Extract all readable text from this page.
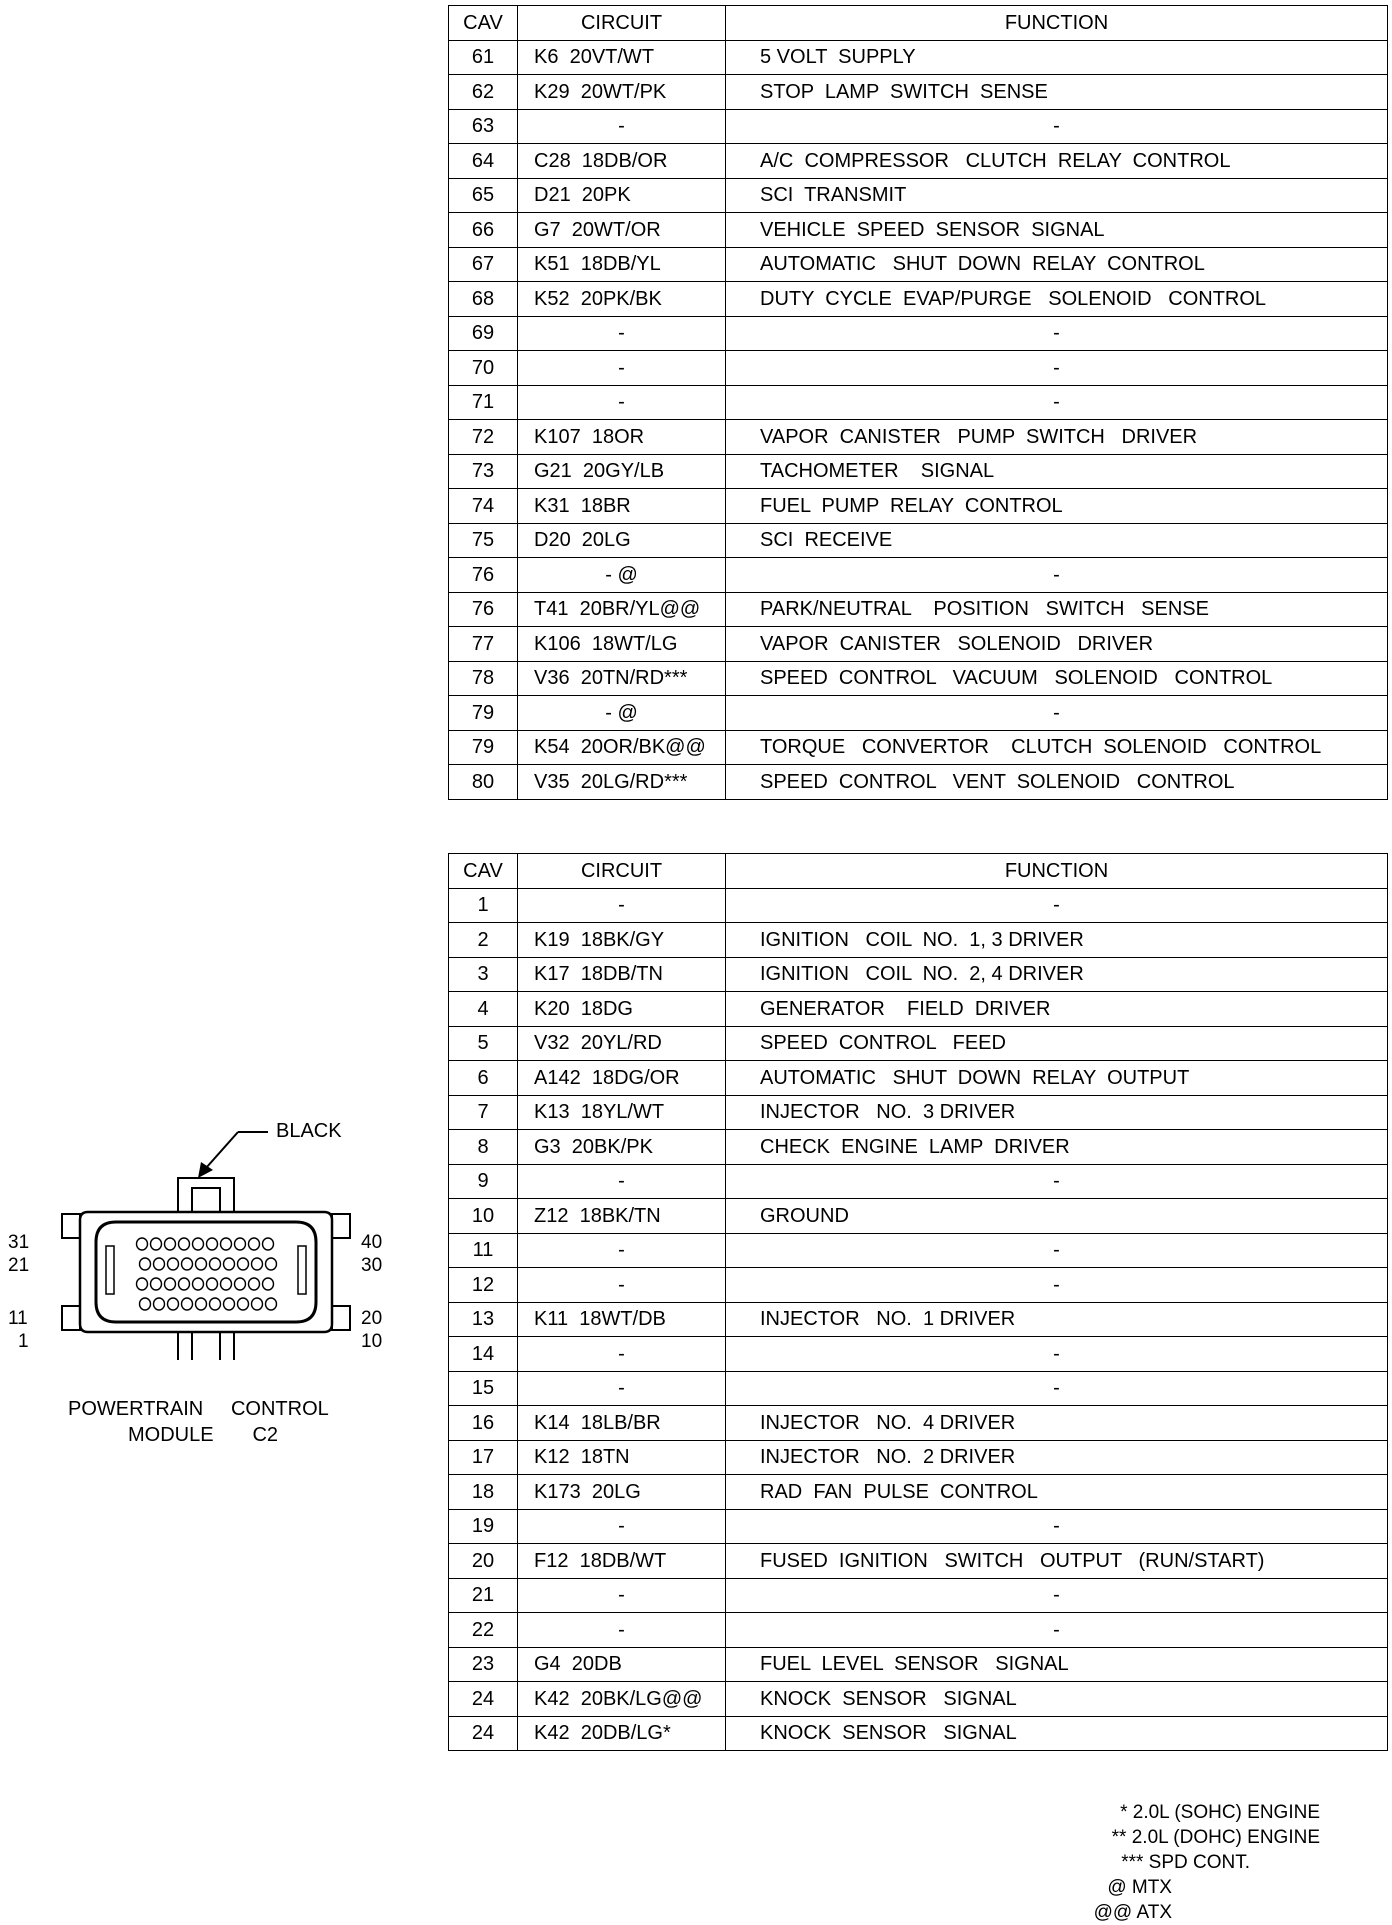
CAV	CIRCUIT	FUNCTION
61	K6  20VT/WT	5 VOLT  SUPPLY
62	K29  20WT/PK	STOP  LAMP  SWITCH  SENSE
63	-	-
64	C28  18DB/OR	A/C  COMPRESSOR   CLUTCH  RELAY  CONTROL
65	D21  20PK	SCI  TRANSMIT
66	G7  20WT/OR	VEHICLE  SPEED  SENSOR  SIGNAL
67	K51  18DB/YL	AUTOMATIC   SHUT  DOWN  RELAY  CONTROL
68	K52  20PK/BK	DUTY  CYCLE  EVAP/PURGE   SOLENOID   CONTROL
69	-	-
70	-	-
71	-	-
72	K107  18OR	VAPOR  CANISTER   PUMP  SWITCH   DRIVER
73	G21  20GY/LB	TACHOMETER    SIGNAL
74	K31  18BR	FUEL  PUMP  RELAY  CONTROL
75	D20  20LG	SCI  RECEIVE
76	- @	-
76	T41  20BR/YL@@	PARK/NEUTRAL    POSITION   SWITCH   SENSE
77	K106  18WT/LG	VAPOR  CANISTER   SOLENOID   DRIVER
78	V36  20TN/RD***	SPEED  CONTROL   VACUUM   SOLENOID   CONTROL
79	- @	-
79	K54  20OR/BK@@	TORQUE   CONVERTOR    CLUTCH  SOLENOID   CONTROL
80	V35  20LG/RD***	SPEED  CONTROL   VENT  SOLENOID   CONTROL
CAV	CIRCUIT	FUNCTION
1	-	-
2	K19  18BK/GY	IGNITION   COIL  NO.  1, 3 DRIVER
3	K17  18DB/TN	IGNITION   COIL  NO.  2, 4 DRIVER
4	K20  18DG	GENERATOR    FIELD  DRIVER
5	V32  20YL/RD	SPEED  CONTROL   FEED
6	A142  18DG/OR	AUTOMATIC   SHUT  DOWN  RELAY  OUTPUT
7	K13  18YL/WT	INJECTOR   NO.  3 DRIVER
8	G3  20BK/PK	CHECK  ENGINE  LAMP  DRIVER
9	-	-
10	Z12  18BK/TN	GROUND
11	-	-
12	-	-
13	K11  18WT/DB	INJECTOR   NO.  1 DRIVER
14	-	-
15	-	-
16	K14  18LB/BR	INJECTOR   NO.  4 DRIVER
17	K12  18TN	INJECTOR   NO.  2 DRIVER
18	K173  20LG	RAD  FAN  PULSE  CONTROL
19	-	-
20	F12  18DB/WT	FUSED  IGNITION   SWITCH   OUTPUT   (RUN/START)
21	-	-
22	-	-
23	G4  20DB	FUEL  LEVEL  SENSOR   SIGNAL
24	K42  20BK/LG@@	KNOCK  SENSOR   SIGNAL
24	K42  20DB/LG*	KNOCK  SENSOR   SIGNAL
BLACK
31
21
11
1
40
30
20
10
POWERTRAIN     CONTROL
MODULE       C2
* 2.0L (SOHC) ENGINE
** 2.0L (DOHC) ENGINE
*** SPD CONT.
@ MTX
@@ ATX
